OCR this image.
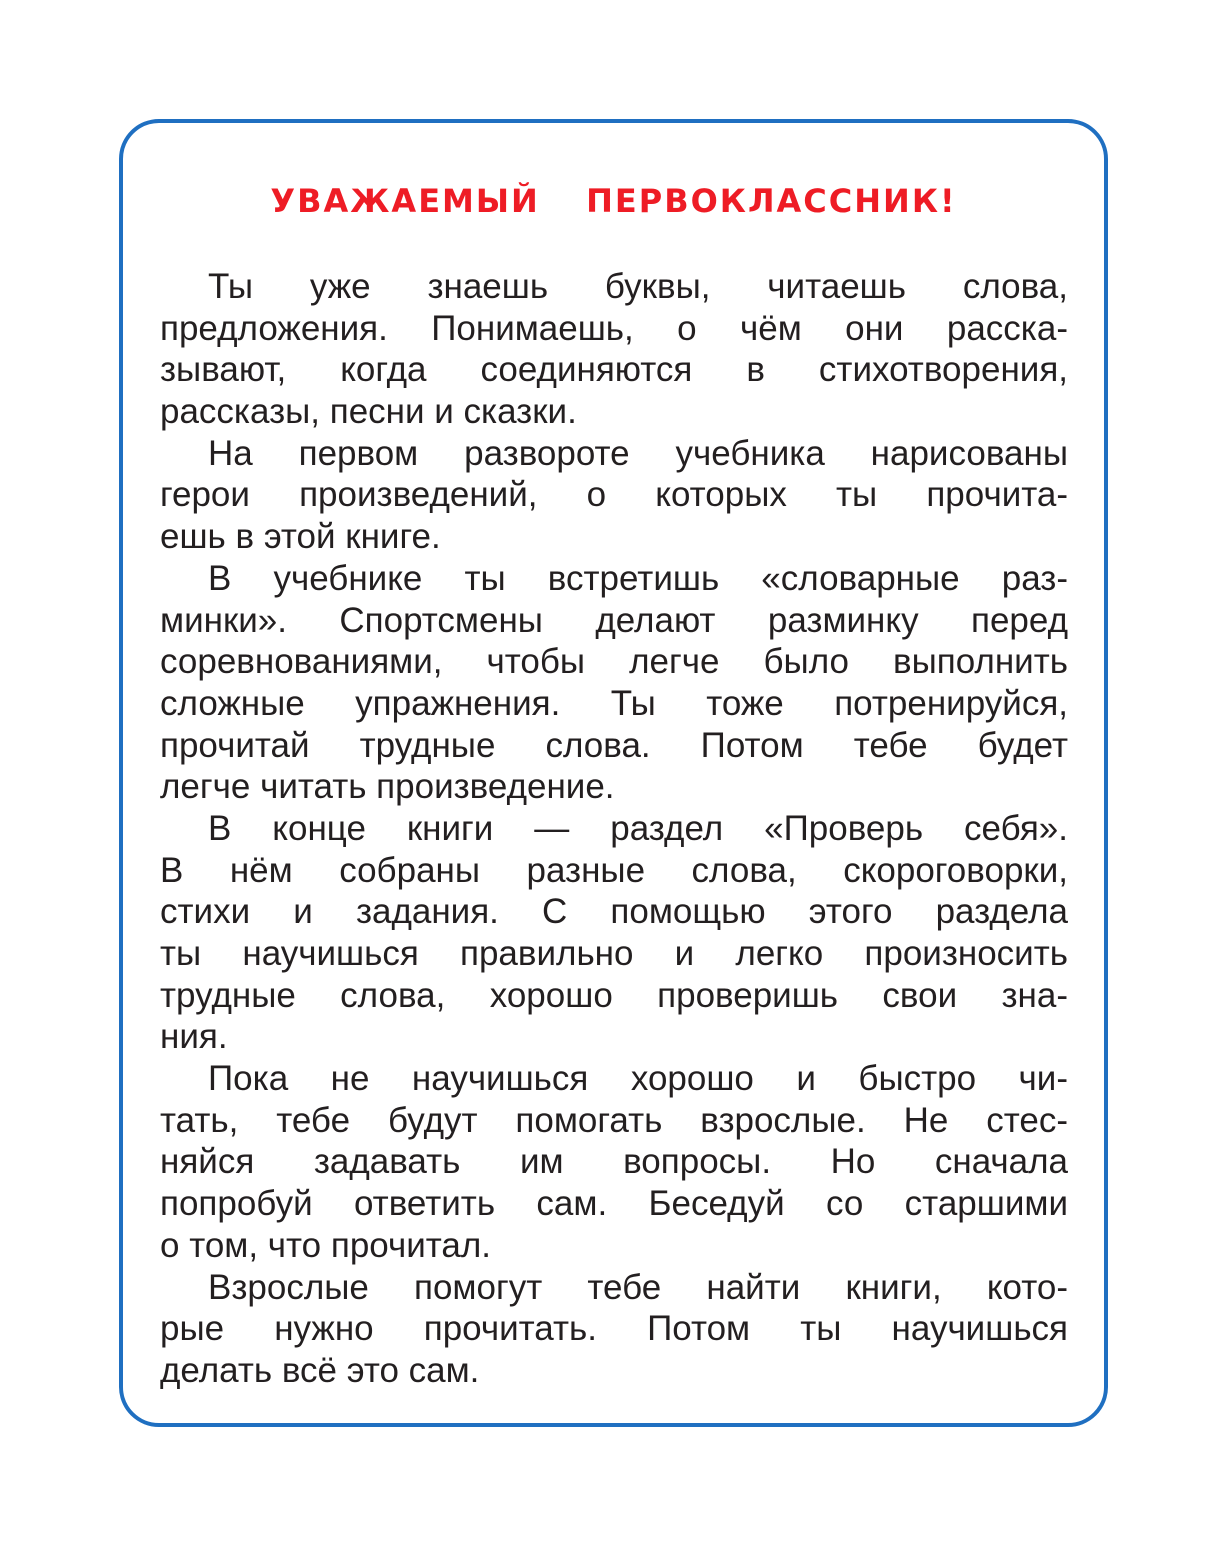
УВАЖАЕМЫЙ  ПЕРВОКЛАССНИК!
Ты уже знаешь буквы, читаешь слова,
предложения. Понимаешь, о чём они расска-
зывают, когда соединяются в стихотворения,
рассказы, песни и сказки.
На первом развороте учебника нарисованы
герои произведений, о которых ты прочита-
ешь в этой книге.
В учебнике ты встретишь «словарные раз-
минки». Спортсмены делают разминку перед
соревнованиями, чтобы легче было выполнить
сложные упражнения. Ты тоже потренируйся,
прочитай трудные слова. Потом тебе будет
легче читать произведение.
В конце книги — раздел «Проверь себя».
В нём собраны разные слова, скороговорки,
стихи и задания. С помощью этого раздела
ты научишься правильно и легко произносить
трудные слова, хорошо проверишь свои зна-
ния.
Пока не научишься хорошо и быстро чи-
тать, тебе будут помогать взрослые. Не стес-
няйся задавать им вопросы. Но сначала
попробуй ответить сам. Беседуй со старшими
о том, что прочитал.
Взрослые помогут тебе найти книги, кото-
рые нужно прочитать. Потом ты научишься
делать всё это сам.
